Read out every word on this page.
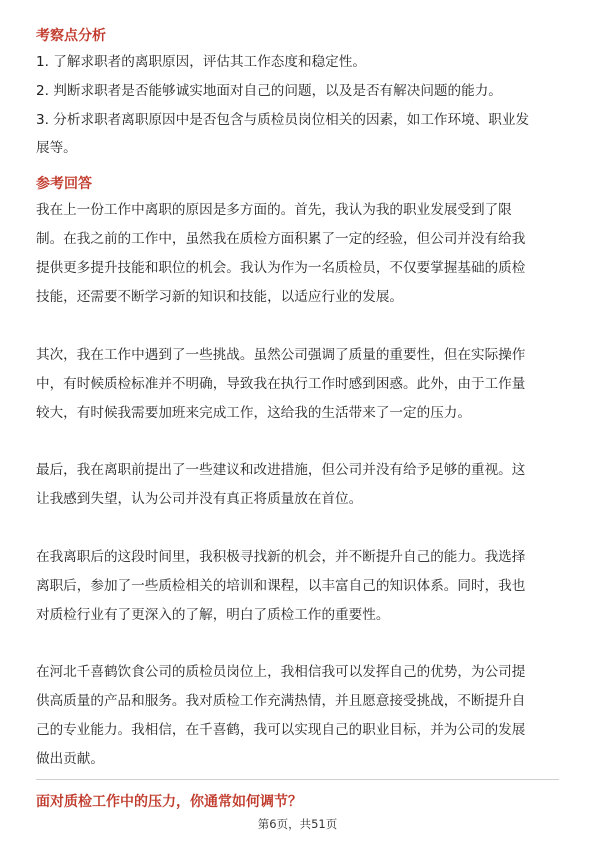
考察点分析
1. 了解求职者的离职原因，评估其工作态度和稳定性。
2. 判断求职者是否能够诚实地面对自己的问题，以及是否有解决问题的能力。
3. 分析求职者离职原因中是否包含与质检员岗位相关的因素，如工作环境、职业发
展等。
参考回答
我在上一份工作中离职的原因是多方面的。首先，我认为我的职业发展受到了限
制。在我之前的工作中，虽然我在质检方面积累了一定的经验，但公司并没有给我
提供更多提升技能和职位的机会。我认为作为一名质检员，不仅要掌握基础的质检
技能，还需要不断学习新的知识和技能，以适应行业的发展。
其次，我在工作中遇到了一些挑战。虽然公司强调了质量的重要性，但在实际操作
中，有时候质检标准并不明确，导致我在执行工作时感到困惑。此外，由于工作量
较大，有时候我需要加班来完成工作，这给我的生活带来了一定的压力。
最后，我在离职前提出了一些建议和改进措施，但公司并没有给予足够的重视。这
让我感到失望，认为公司并没有真正将质量放在首位。
在我离职后的这段时间里，我积极寻找新的机会，并不断提升自己的能力。我选择
离职后，参加了一些质检相关的培训和课程，以丰富自己的知识体系。同时，我也
对质检行业有了更深入的了解，明白了质检工作的重要性。
在河北千喜鹤饮食公司的质检员岗位上，我相信我可以发挥自己的优势，为公司提
供高质量的产品和服务。我对质检工作充满热情，并且愿意接受挑战，不断提升自
己的专业能力。我相信，在千喜鹤，我可以实现自己的职业目标，并为公司的发展
做出贡献。
面对质检工作中的压力，你通常如何调节？
第6页，共51页
